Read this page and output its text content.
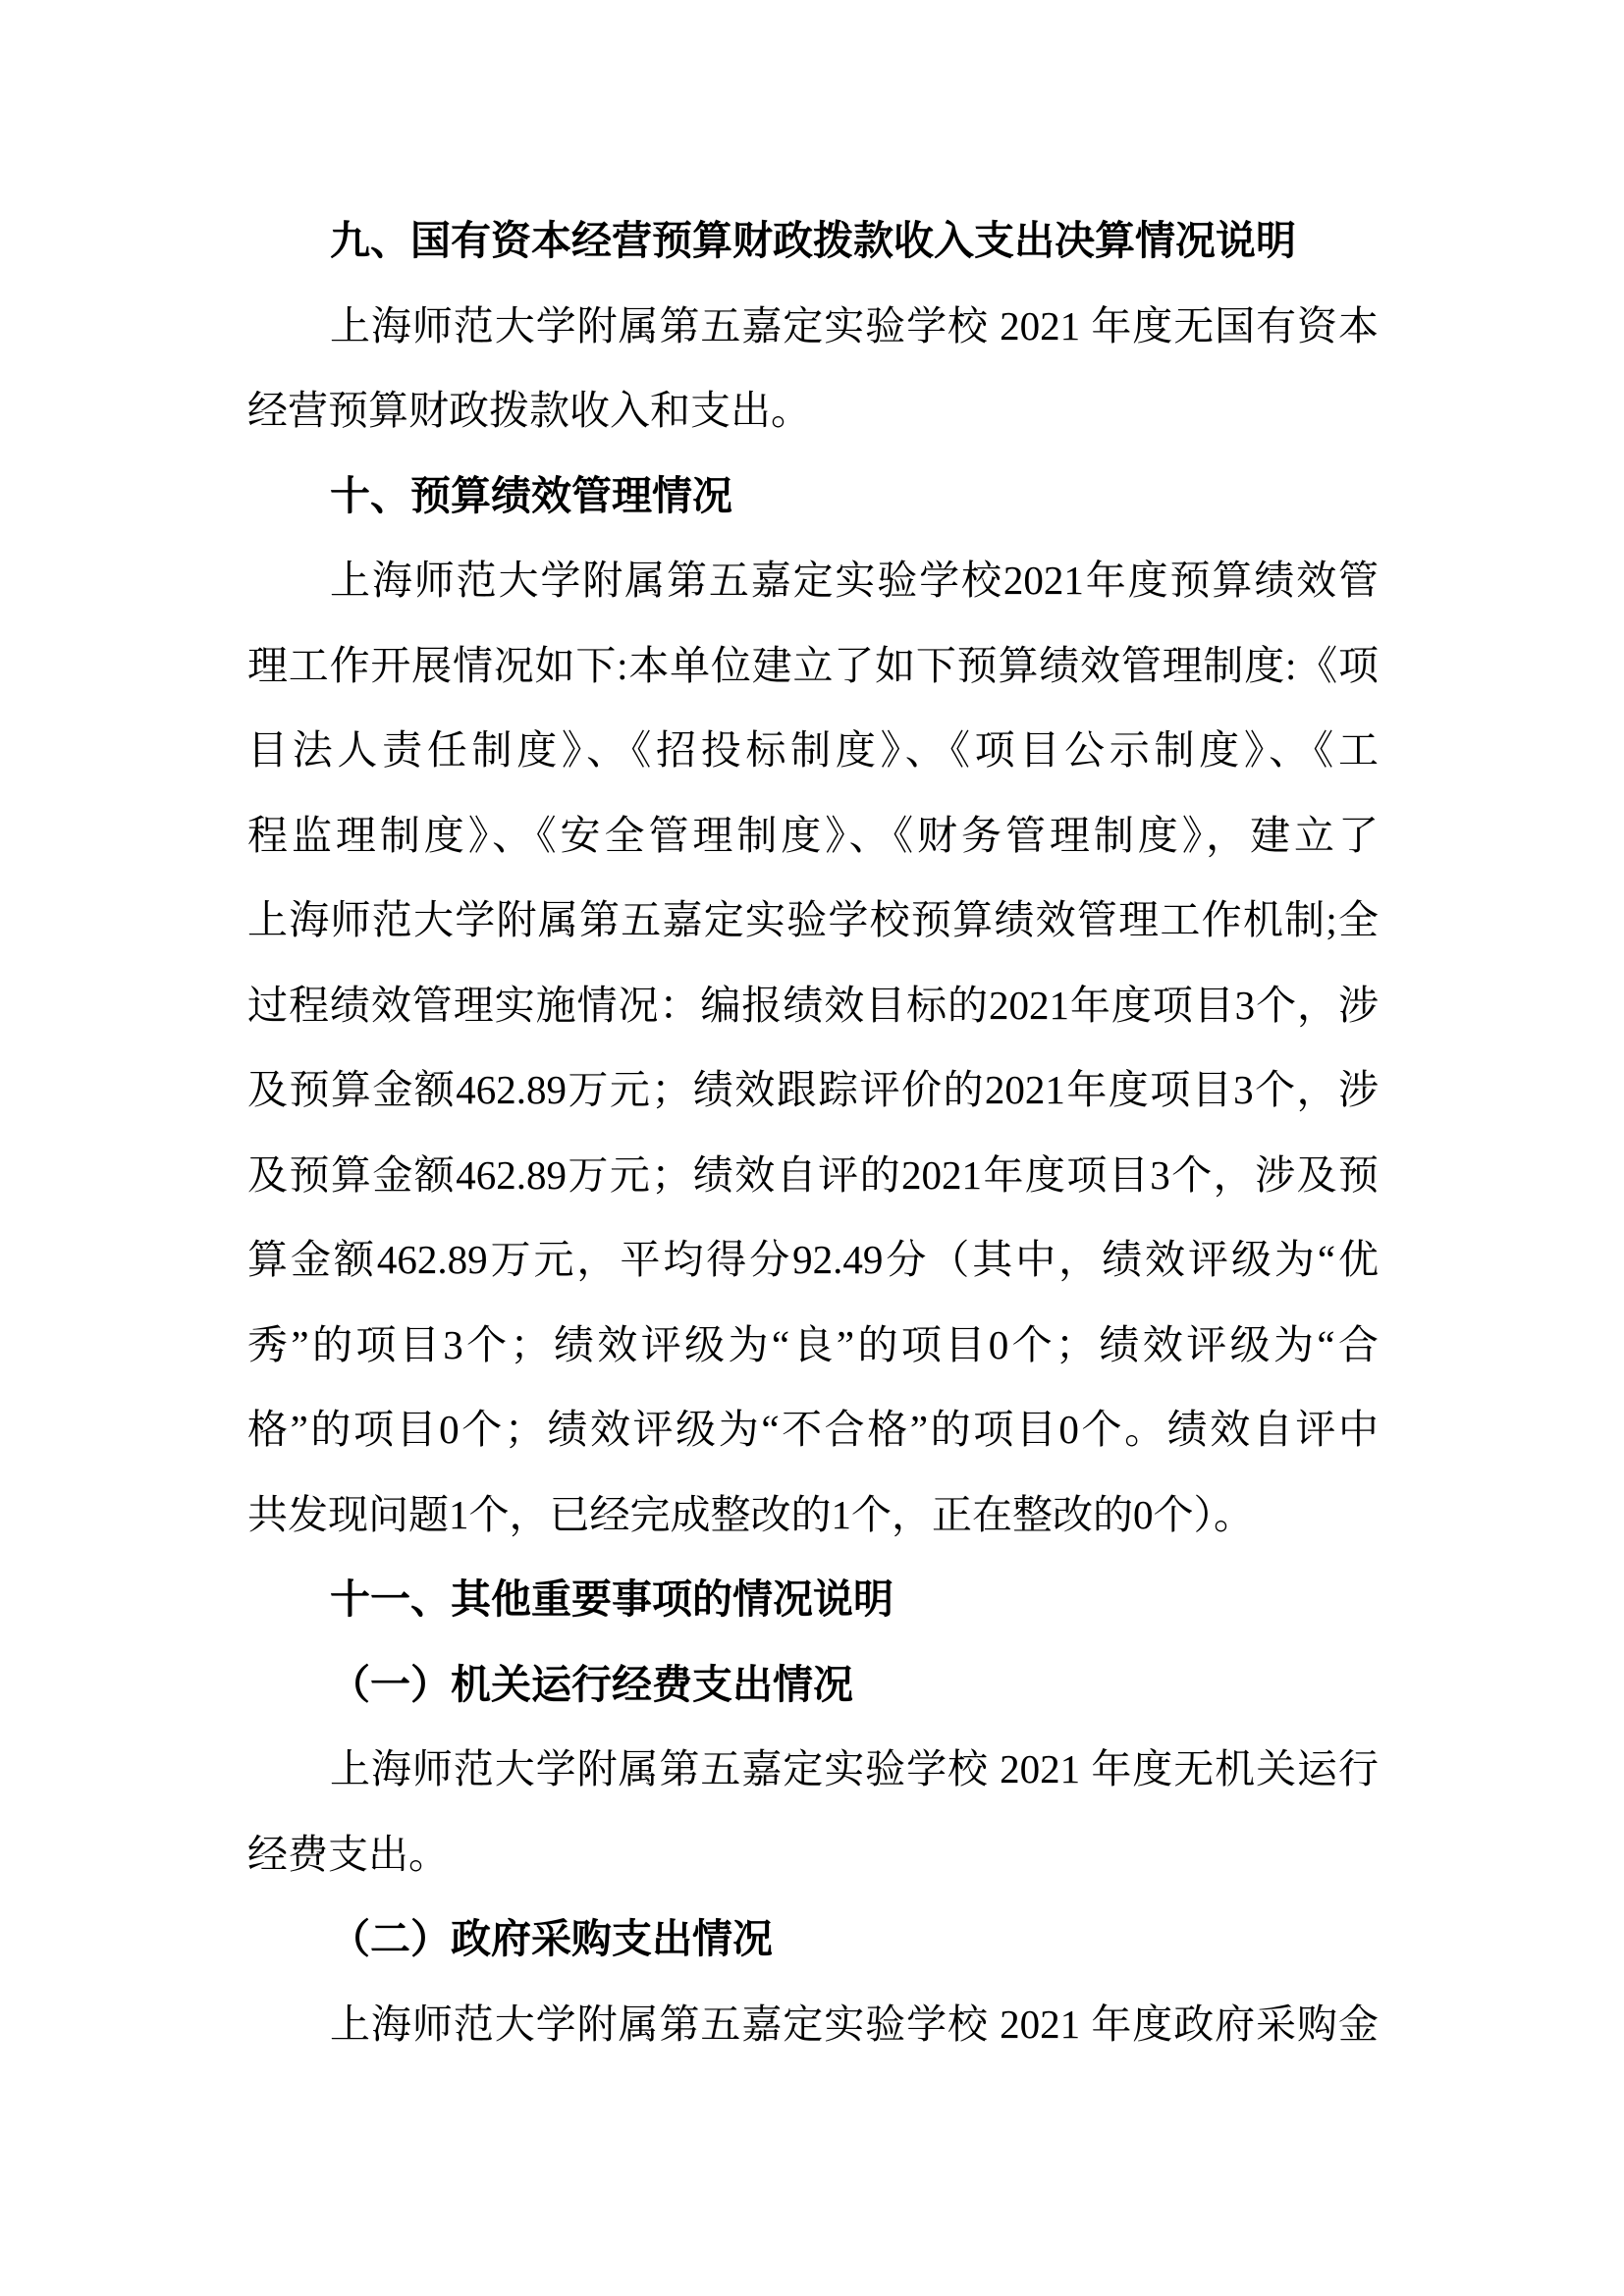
九、国有资本经营预算财政拨款收入支出决算情况说明
上海师范大学附属第五嘉定实验学校 2021 年度无国有资本
经营预算财政拨款收入和支出。
十、预算绩效管理情况
上海师范大学附属第五嘉定实验学校2021年度预算绩效管
理工作开展情况如下:本单位建立了如下预算绩效管理制度:《项
目法人责任制度》、《招投标制度》、《项目公示制度》、《工
程监理制度》、《安全管理制度》、《财务管理制度》，建立了
上海师范大学附属第五嘉定实验学校预算绩效管理工作机制;全
过程绩效管理实施情况：编报绩效目标的2021年度项目3个，涉
及预算金额462.89万元；绩效跟踪评价的2021年度项目3个，涉
及预算金额462.89万元；绩效自评的2021年度项目3个，涉及预
算金额462.89万元，平均得分92.49分（其中，绩效评级为“优
秀”的项目3个；绩效评级为“良”的项目0个；绩效评级为“合
格”的项目0个；绩效评级为“不合格”的项目0个。绩效自评中
共发现问题1个，已经完成整改的1个，正在整改的0个）。
十一、其他重要事项的情况说明
（一）机关运行经费支出情况
上海师范大学附属第五嘉定实验学校 2021 年度无机关运行
经费支出。
（二）政府采购支出情况
上海师范大学附属第五嘉定实验学校 2021 年度政府采购金
